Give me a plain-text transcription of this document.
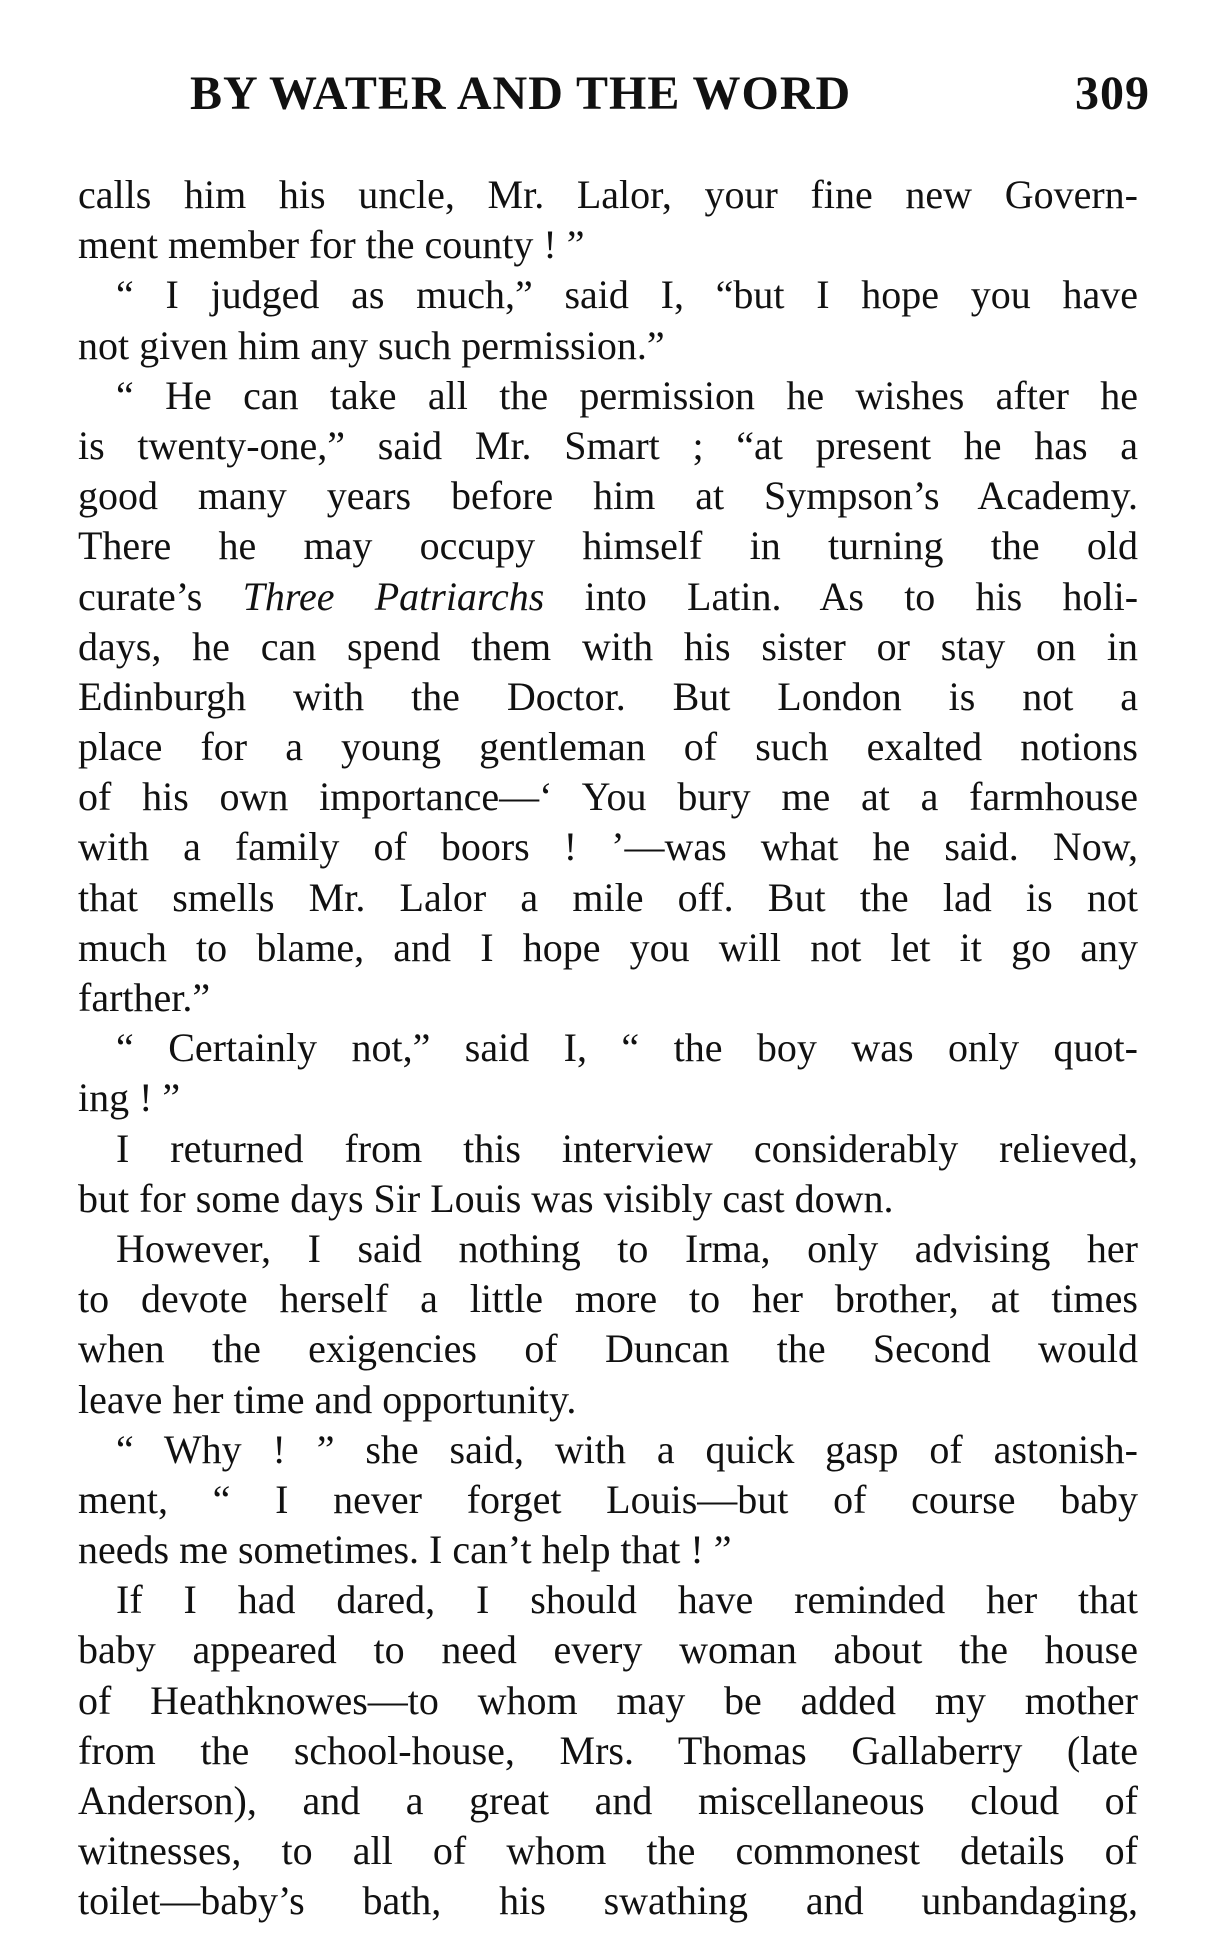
BY WATER AND THE WORD	309
calls him his uncle, Mr. Lalor, your fine new Govern-
ment member for the county ! ”
“ I judged as much,” said I, “but I hope you have
not given him any such permission.”
“ He can take all the permission he wishes after he
is twenty-one,” said Mr. Smart ; “at present he has a
good many years before him at Sympson’s Academy.
There he may occupy himself in turning the old
curate’s Three Patriarchs into Latin. As to his holi-
days, he can spend them with his sister or stay on in
Edinburgh with the Doctor. But London is not a
place for a young gentleman of such exalted notions
of his own importance—‘ You bury me at a farmhouse
with a family of boors ! ’—was what he said. Now,
that smells Mr. Lalor a mile off. But the lad is not
much to blame, and I hope you will not let it go any
farther.”
“ Certainly not,” said I, “ the boy was only quot-
ing ! ”
I returned from this interview considerably relieved,
but for some days Sir Louis was visibly cast down.
However, I said nothing to Irma, only advising her
to devote herself a little more to her brother, at times
when the exigencies of Duncan the Second would
leave her time and opportunity.
“ Why ! ” she said, with a quick gasp of astonish-
ment, “ I never forget Louis—but of course baby
needs me sometimes. I can’t help that ! ”
If I had dared, I should have reminded her that
baby appeared to need every woman about the house
of Heathknowes—to whom may be added my mother
from the school-house, Mrs. Thomas Gallaberry (late
Anderson), and a great and miscellaneous cloud of
witnesses, to all of whom the commonest details of
toilet—baby’s bath, his swathing and unbandaging,
